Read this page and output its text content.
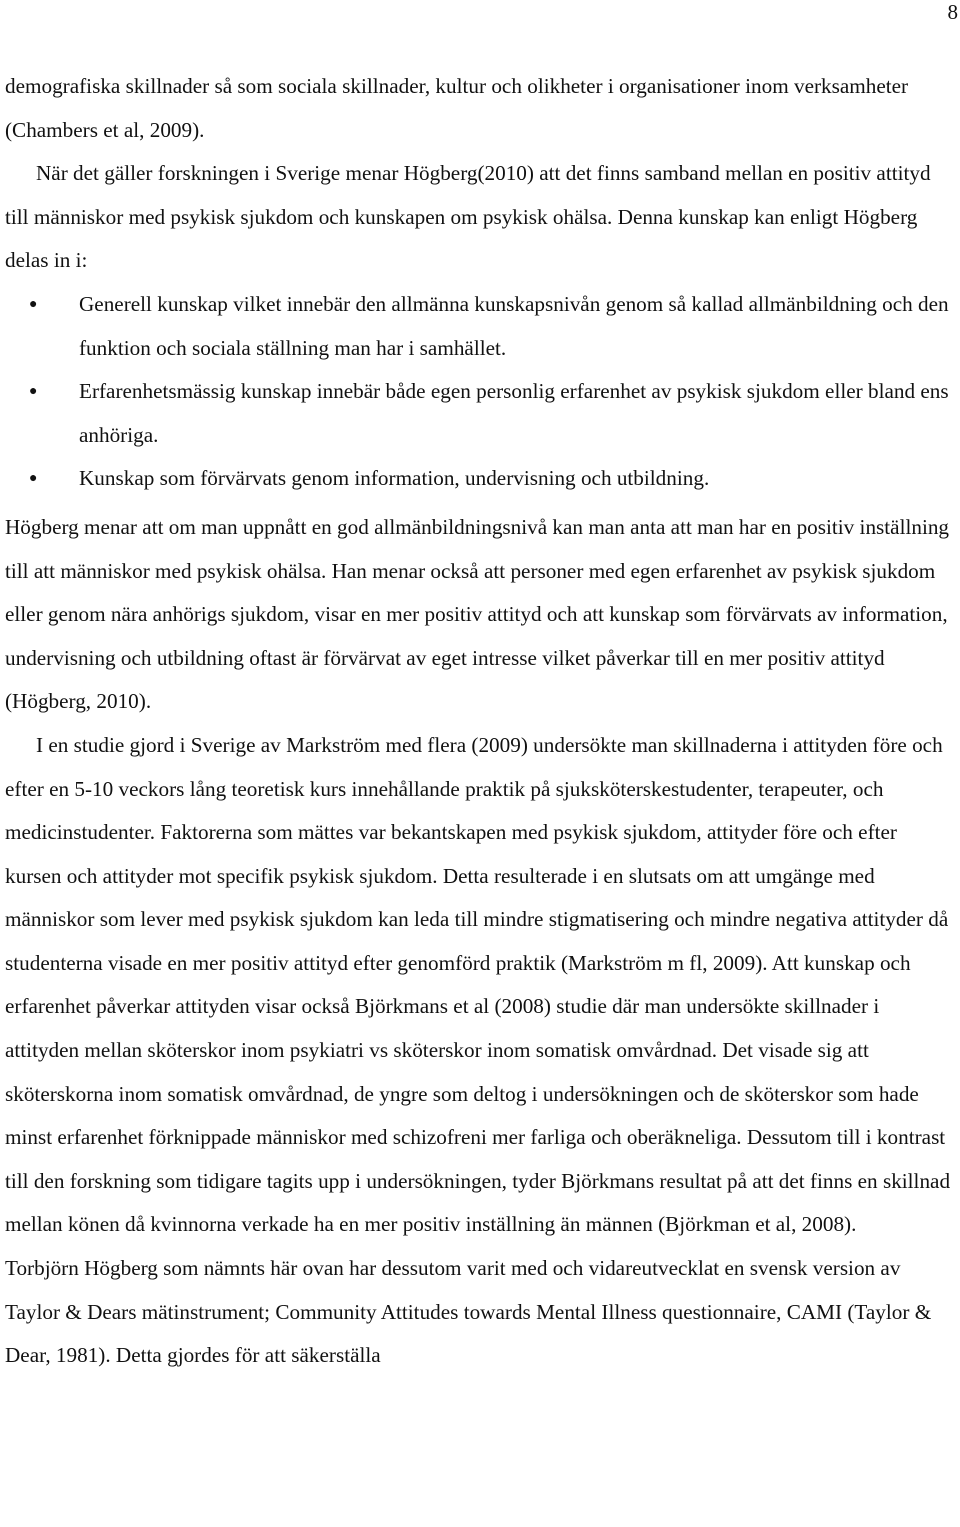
8

demografiska skillnader så som sociala skillnader, kultur och olikheter i organisationer inom verksamheter (Chambers et al, 2009).

När det gäller forskningen i Sverige menar Högberg(2010) att det finns samband mellan en positiv attityd till människor med psykisk sjukdom och kunskapen om psykisk ohälsa. Denna kunskap kan enligt Högberg delas in i:

● Generell kunskap vilket innebär den allmänna kunskapsnivån genom så kallad allmänbildning och den funktion och sociala ställning man har i samhället.
● Erfarenhetsmässig kunskap innebär både egen personlig erfarenhet av psykisk sjukdom eller bland ens anhöriga.
● Kunskap som förvärvats genom information, undervisning och utbildning.

Högberg menar att om man uppnått en god allmänbildningsnivå kan man anta att man har en positiv inställning till att människor med psykisk ohälsa. Han menar också att personer med egen erfarenhet av psykisk sjukdom eller genom nära anhörigs sjukdom, visar en mer positiv attityd och att kunskap som förvärvats av information, undervisning och utbildning oftast är förvärvat av eget intresse vilket påverkar till en mer positiv attityd (Högberg, 2010).

I en studie gjord i Sverige av Markström med flera (2009) undersökte man skillnaderna i attityden före och efter en 5-10 veckors lång teoretisk kurs innehållande praktik på sjuksköterskestudenter, terapeuter, och medicinstudenter. Faktorerna som mättes var bekantskapen med psykisk sjukdom, attityder före och efter kursen och attityder mot specifik psykisk sjukdom. Detta resulterade i en slutsats om att umgänge med människor som lever med psykisk sjukdom kan leda till mindre stigmatisering och mindre negativa attityder då studenterna visade en mer positiv attityd efter genomförd praktik (Markström m fl, 2009). Att kunskap och erfarenhet påverkar attityden visar också Björkmans et al (2008) studie där man undersökte skillnader i attityden mellan sköterskor inom psykiatri vs sköterskor inom somatisk omvårdnad. Det visade sig att sköterskorna inom somatisk omvårdnad, de yngre som deltog i undersökningen och de sköterskor som hade minst erfarenhet förknippade människor med schizofreni mer farliga och oberäkneliga. Dessutom till i kontrast till den forskning som tidigare tagits upp i undersökningen, tyder Björkmans resultat på att det finns en skillnad mellan könen då kvinnorna verkade ha en mer positiv inställning än männen (Björkman et al, 2008).

Torbjörn Högberg som nämnts här ovan har dessutom varit med och vidareutvecklat en svensk version av Taylor & Dears mätinstrument; Community Attitudes towards Mental Illness questionnaire, CAMI (Taylor & Dear, 1981). Detta gjordes för att säkerställa
